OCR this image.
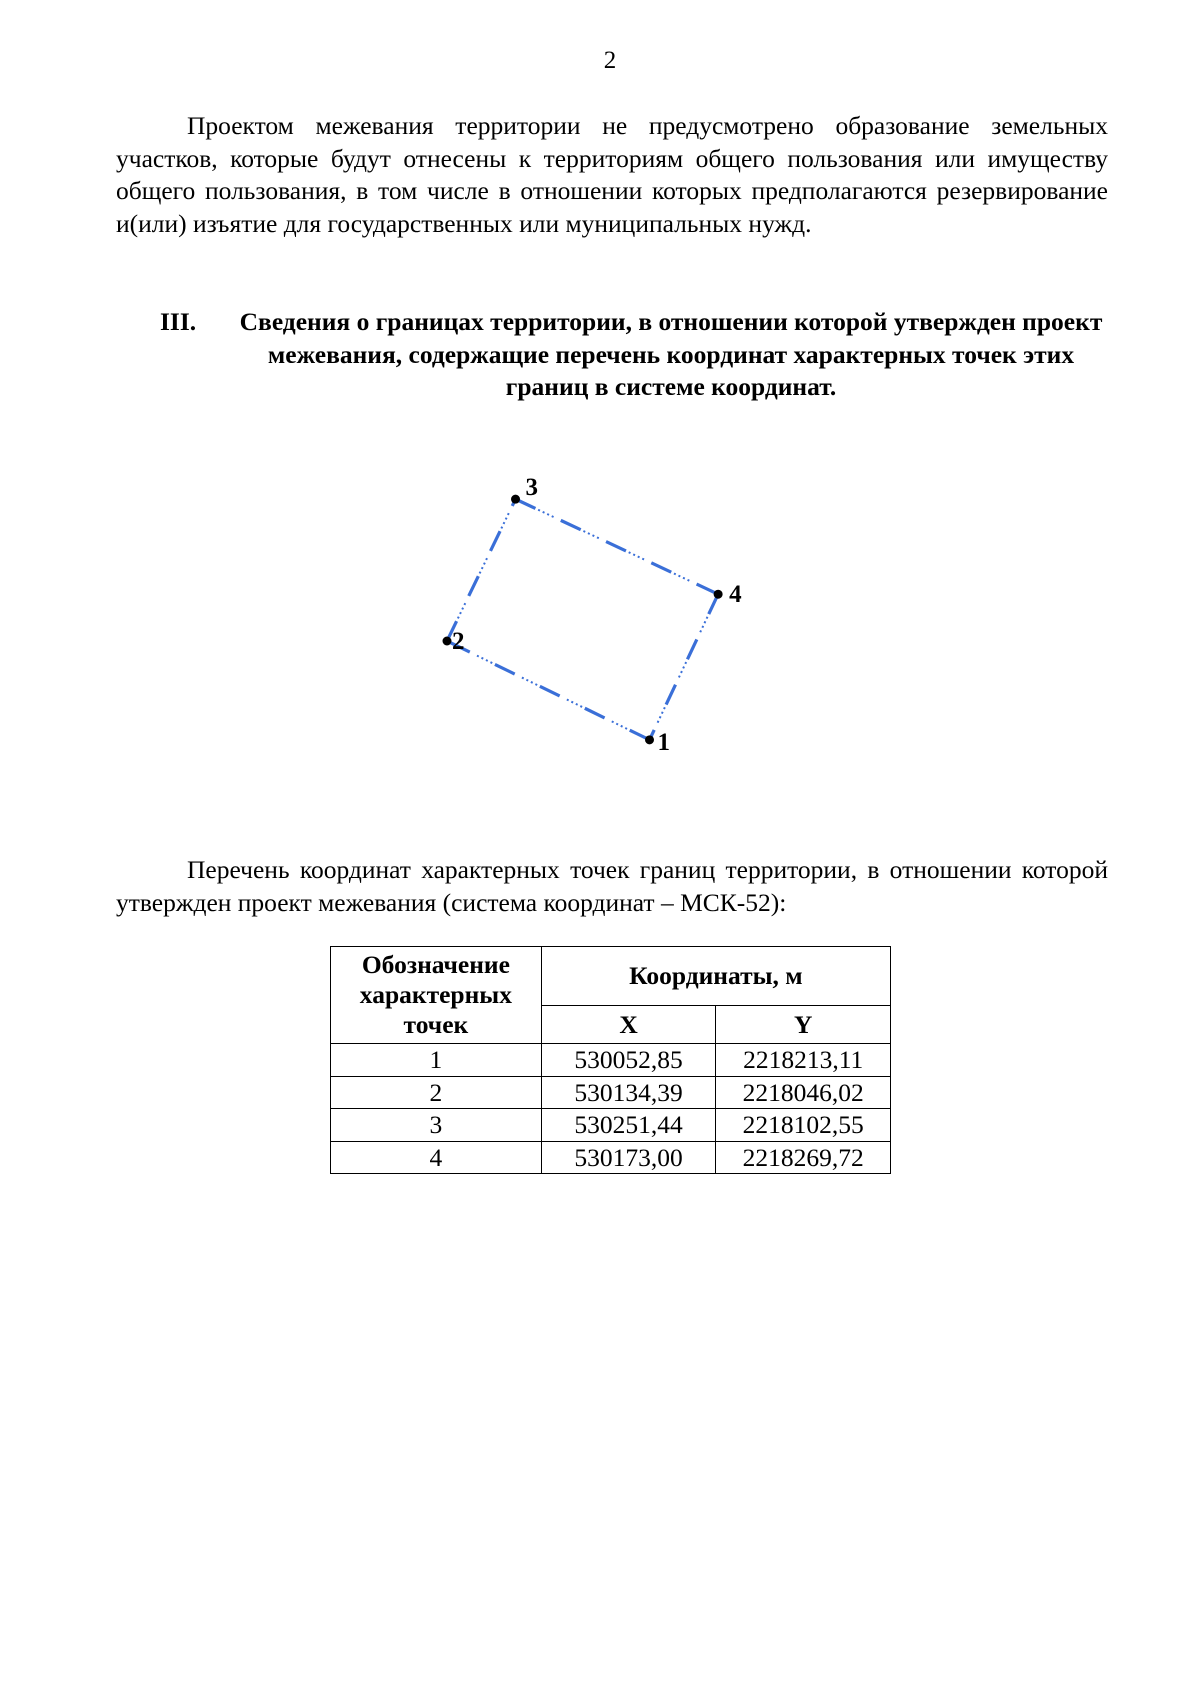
2

Проектом межевания территории не предусмотрено образование земельных участков, которые будут отнесены к территориям общего пользования или имуществу общего пользования, в том числе в отношении которых предполагаются резервирование и(или) изъятие для государственных или муниципальных нужд.

III. Сведения о границах территории, в отношении которой утвержден проект межевания, содержащие перечень координат характерных точек этих границ в системе координат.
1
2
3
4

Перечень координат характерных точек границ территории, в отношении которой утвержден проект межевания (система координат – МСК-52):

Обозначение характерных точек	Координаты, м	
	X	Y
1	530052,85	2218213,11
2	530134,39	2218046,02
3	530251,44	2218102,55
4	530173,00	2218269,72
